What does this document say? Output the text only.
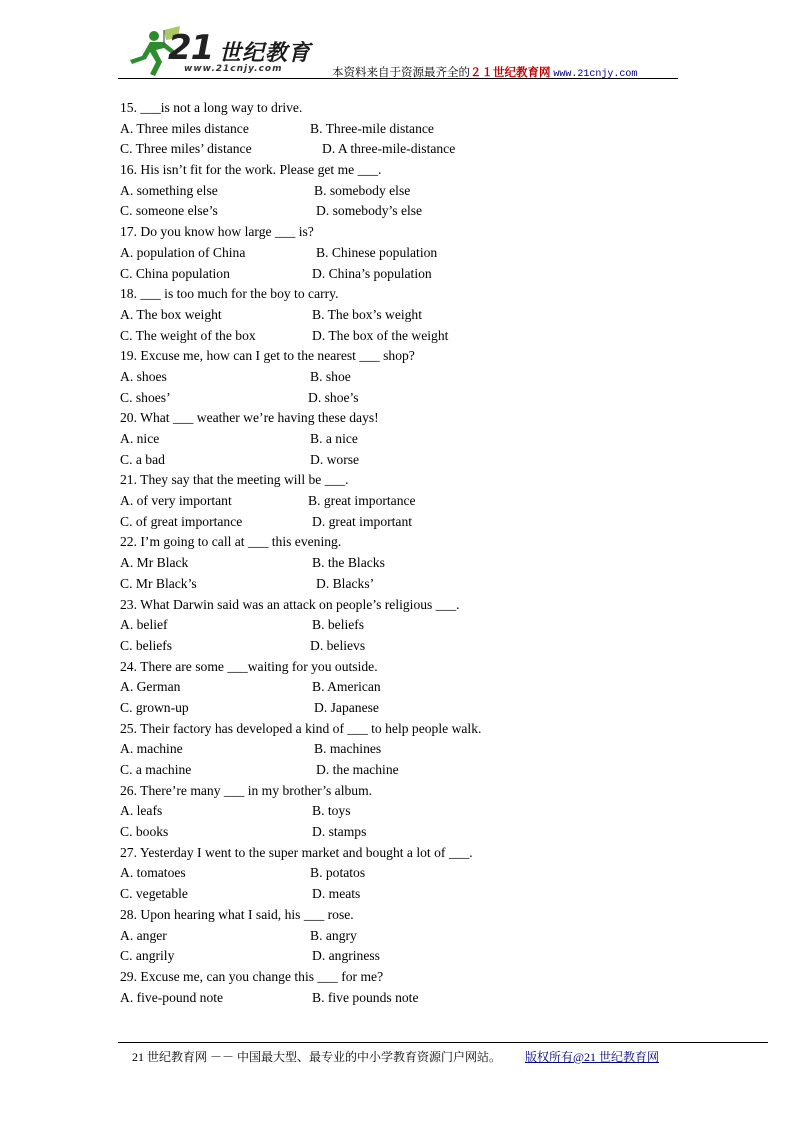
21 世纪教育
www.21cnjy.com	本资料来自于资源最齐全的２１世纪教育网 www.21cnjy.com
15. ___is not a long way to drive.
A. Three miles distance	B. Three-mile distance
C. Three miles’ distance	D. A three-mile-distance
16. His isn’t fit for the work. Please get me ___.
A. something else	B. somebody else
C. someone else’s	D. somebody’s else
17. Do you know how large ___ is?
A. population of China	B. Chinese population
C. China population	D. China’s population
18. ___ is too much for the boy to carry.
A. The box weight	B. The box’s weight
C. The weight of the box	D. The box of the weight
19. Excuse me, how can I get to the nearest ___ shop?
A. shoes	B. shoe
C. shoes’	D. shoe’s
20. What ___ weather we’re having these days!
A. nice	B. a nice
C. a bad	D. worse
21. They say that the meeting will be ___.
A. of very important	B. great importance
C. of great importance	D. great important
22. I’m going to call at ___ this evening.
A. Mr Black	B. the Blacks
C. Mr Black’s	D. Blacks’
23. What Darwin said was an attack on people’s religious ___.
A. belief	B. beliefs
C. beliefs	D. believs
24. There are some ___waiting for you outside.
A. German	B. American
C. grown-up	D. Japanese
25. Their factory has developed a kind of ___ to help people walk.
A. machine	B. machines
C. a machine	D. the machine
26. There’re many ___ in my brother’s album.
A. leafs	B. toys
C. books	D. stamps
27. Yesterday I went to the super market and bought a lot of ___.
A. tomatoes	B. potatos
C. vegetable	D. meats
28. Upon hearing what I said, his ___ rose.
A. anger	B. angry
C. angrily	D. angriness
29. Excuse me, can you change this ___ for me?
A. five-pound note	B. five pounds note
21 世纪教育网 －－ 中国最大型、最专业的中小学教育资源门户网站。 版权所有@21 世纪教育网
